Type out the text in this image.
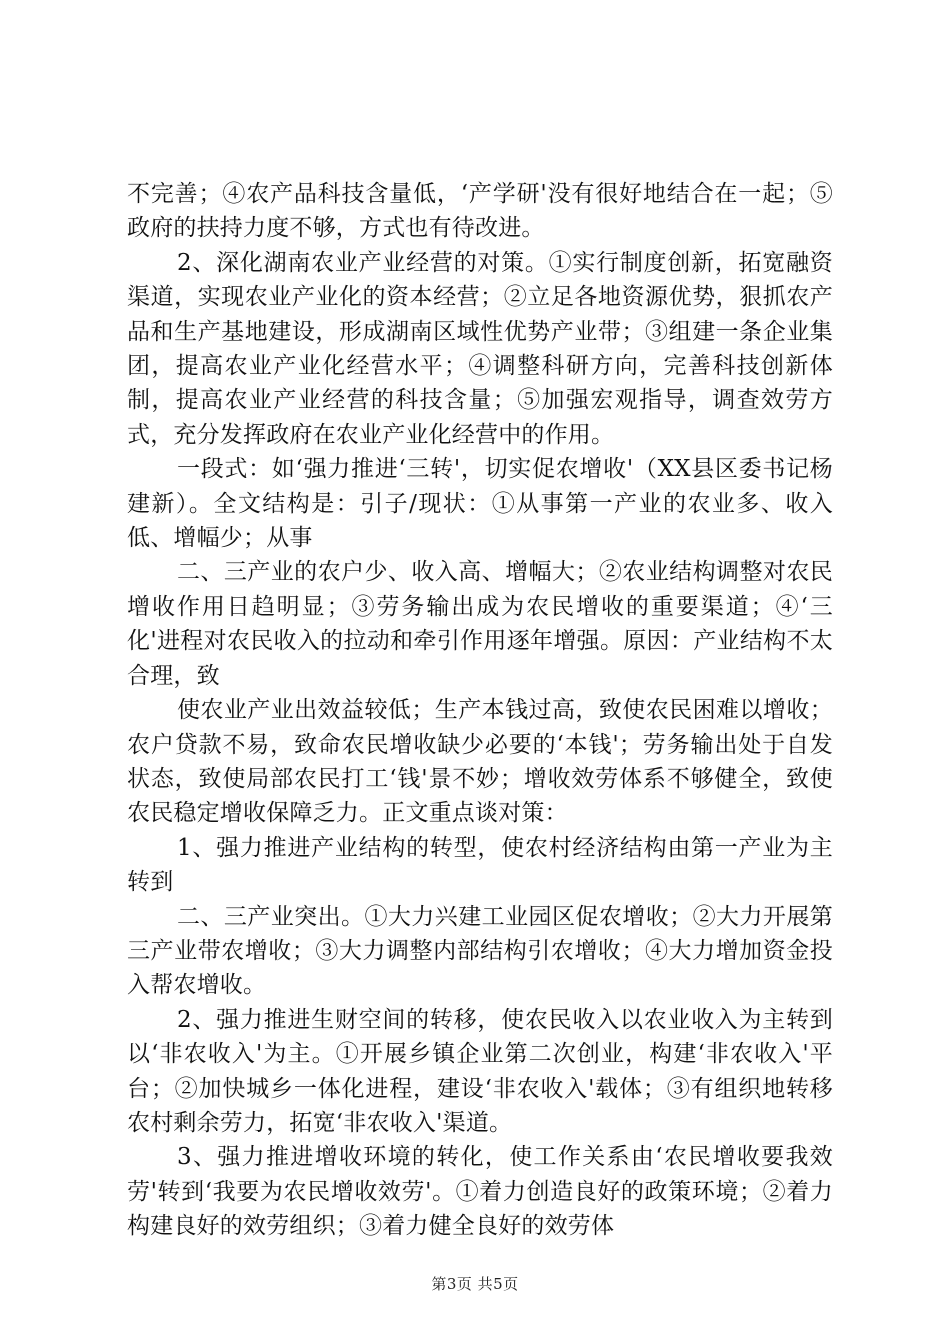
不完善；④农产品科技含量低，‘产学研'没有很好地结合在一起；⑤政府的扶持力度不够，方式也有待改进。

2、深化湖南农业产业经营的对策。①实行制度创新，拓宽融资渠道，实现农业产业化的资本经营；②立足各地资源优势，狠抓农产品和生产基地建设，形成湖南区域性优势产业带；③组建一条企业集团，提高农业产业化经营水平；④调整科研方向，完善科技创新体制，提高农业产业经营的科技含量；⑤加强宏观指导，调查效劳方式，充分发挥政府在农业产业化经营中的作用。

一段式：如‘强力推进‘三转'，切实促农增收'（XX县区委书记杨建新）。全文结构是：引子/现状：①从事第一产业的农业多、收入低、增幅少；从事

二、三产业的农户少、收入高、增幅大；②农业结构调整对农民增收作用日趋明显；③劳务输出成为农民增收的重要渠道；④‘三化'进程对农民收入的拉动和牵引作用逐年增强。原因：产业结构不太合理，致

使农业产业出效益较低；生产本钱过高，致使农民困难以增收；农户贷款不易，致命农民增收缺少必要的‘本钱'；劳务输出处于自发状态，致使局部农民打工‘钱'景不妙；增收效劳体系不够健全，致使农民稳定增收保障乏力。正文重点谈对策：

1、强力推进产业结构的转型，使农村经济结构由第一产业为主转到

二、三产业突出。①大力兴建工业园区促农增收；②大力开展第三产业带农增收；③大力调整内部结构引农增收；④大力增加资金投入帮农增收。

2、强力推进生财空间的转移，使农民收入以农业收入为主转到以‘非农收入'为主。①开展乡镇企业第二次创业，构建‘非农收入'平台；②加快城乡一体化进程，建设‘非农收入'载体；③有组织地转移农村剩余劳力，拓宽‘非农收入'渠道。

3、强力推进增收环境的转化，使工作关系由‘农民增收要我效劳'转到‘我要为农民增收效劳'。①着力创造良好的政策环境；②着力构建良好的效劳组织；③着力健全良好的效劳体

第3页 共5页
